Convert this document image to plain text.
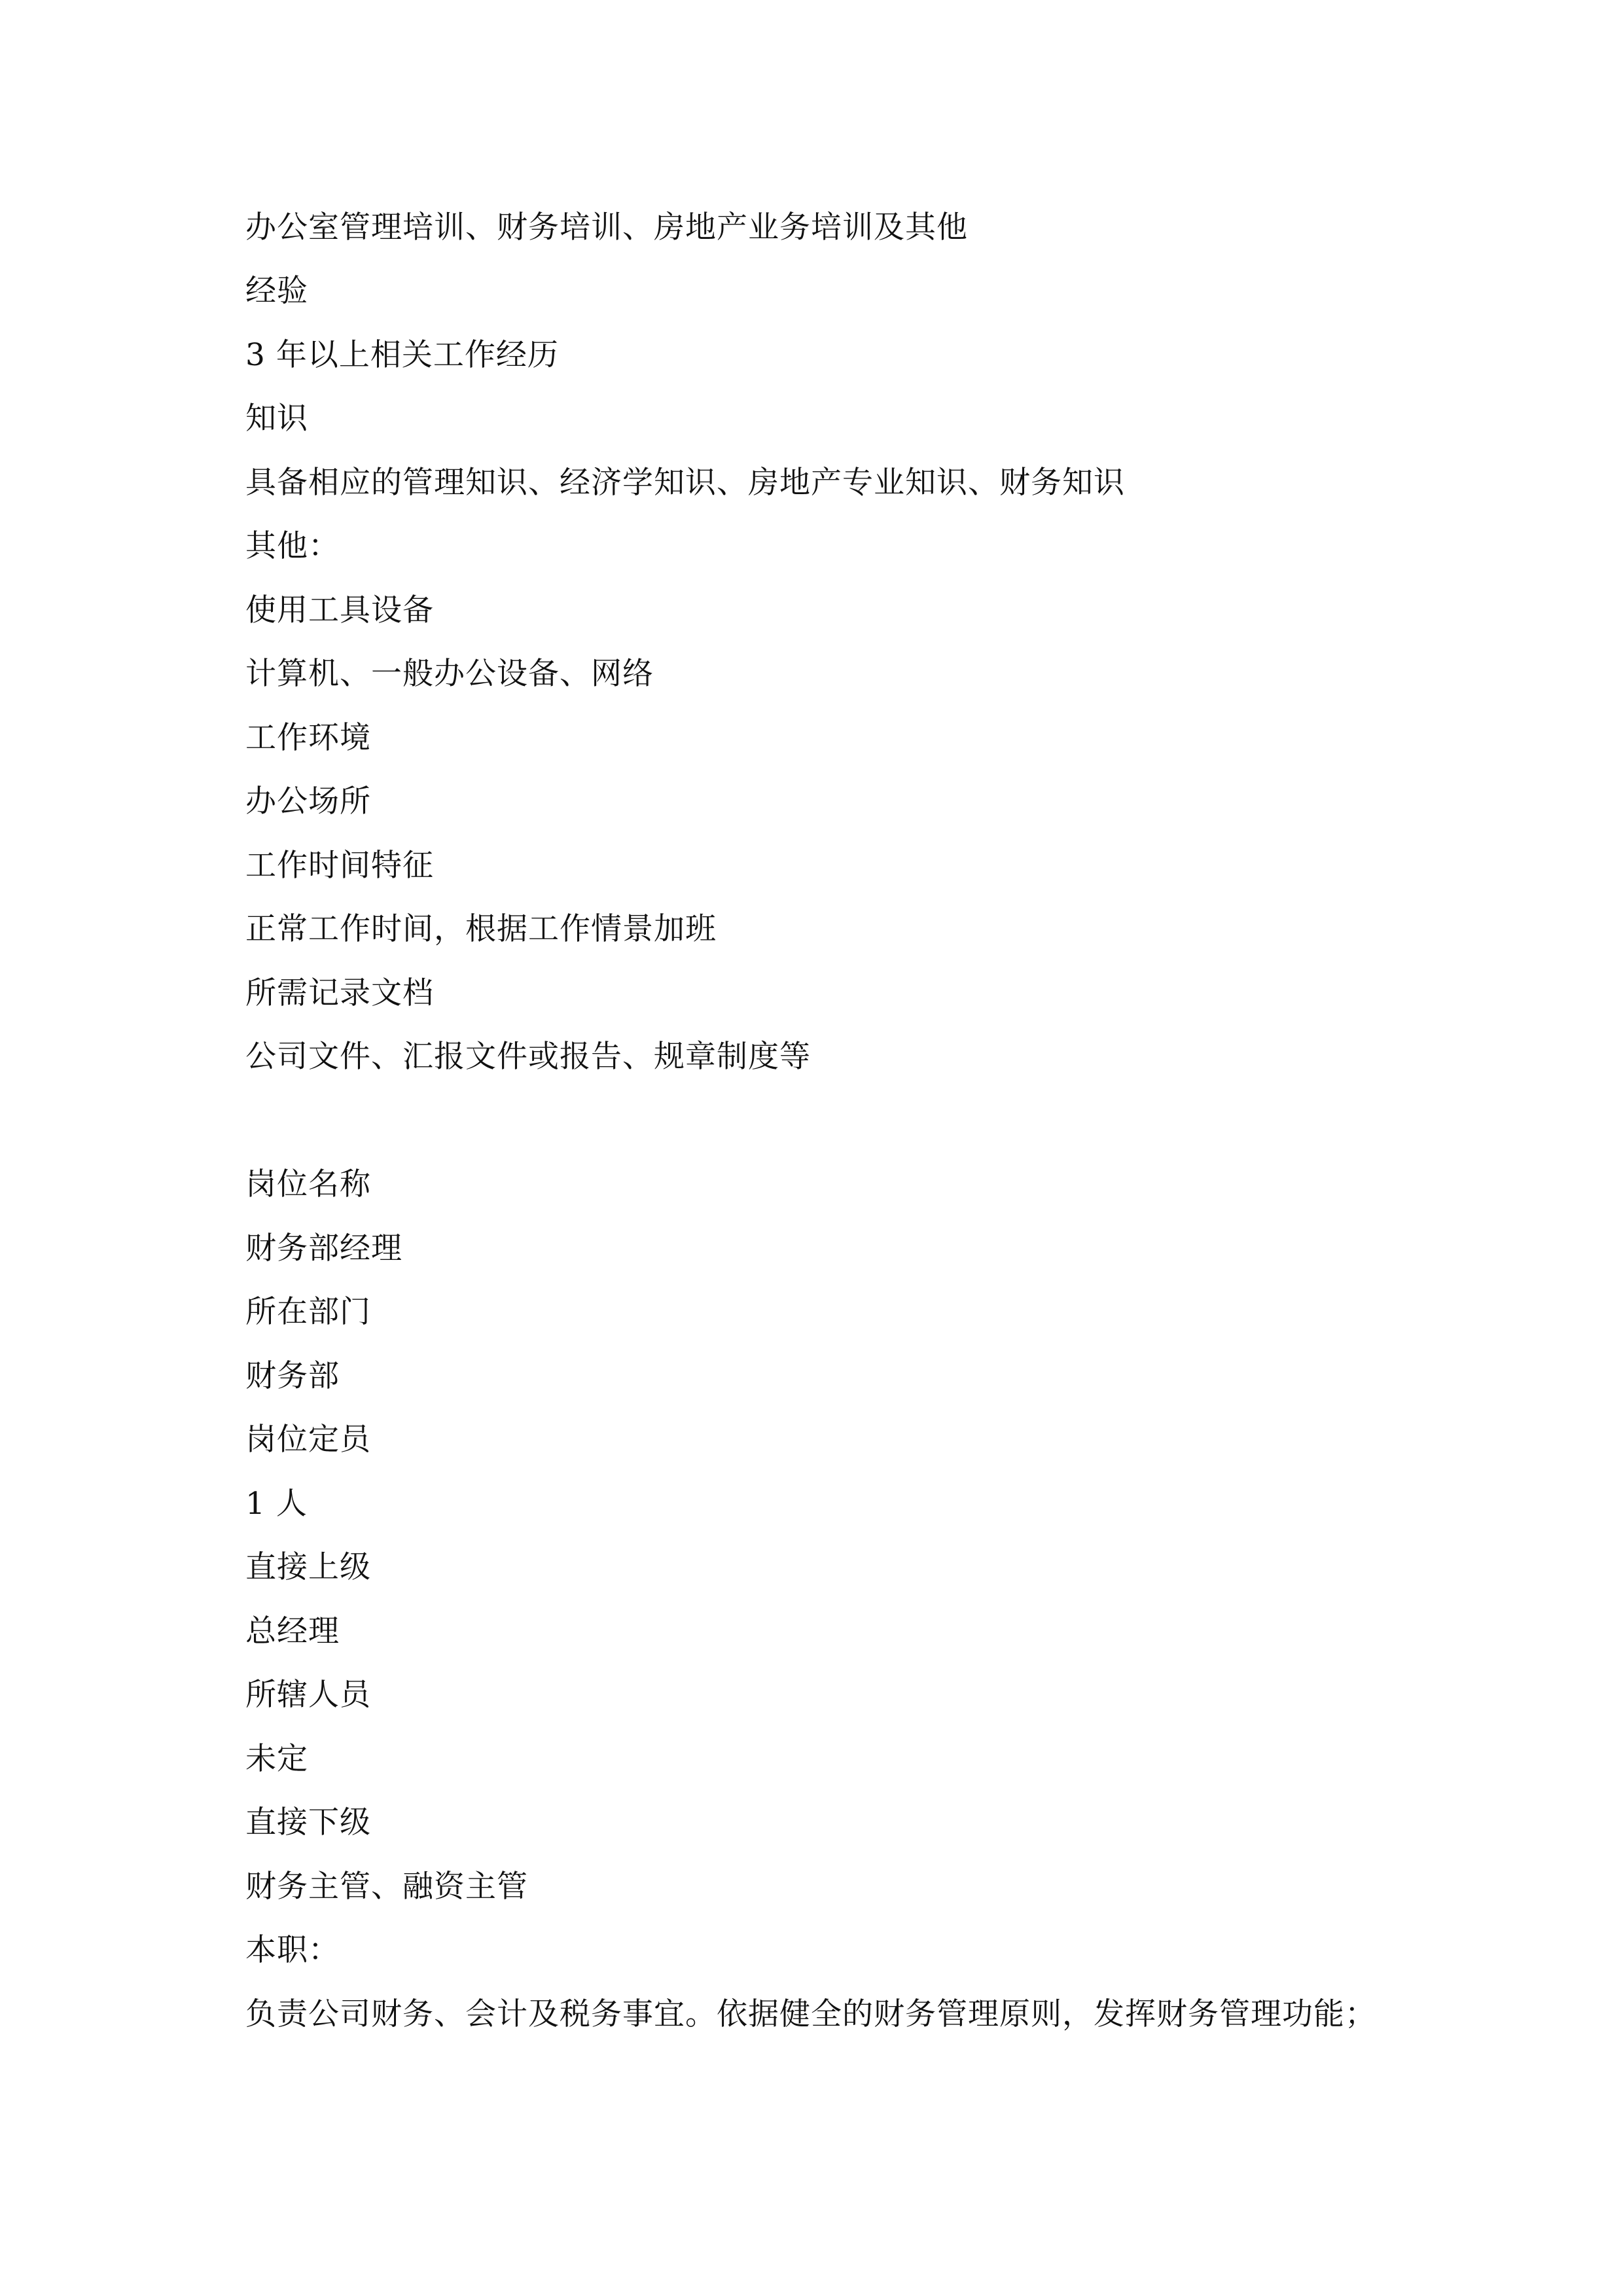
办公室管理培训、财务培训、房地产业务培训及其他
经验
3 年以上相关工作经历
知识
具备相应的管理知识、经济学知识、房地产专业知识、财务知识
其他：
使用工具设备
计算机、一般办公设备、网络
工作环境
办公场所
工作时间特征
正常工作时间，根据工作情景加班
所需记录文档
公司文件、汇报文件或报告、规章制度等
岗位名称
财务部经理
所在部门
财务部
岗位定员
1 人
直接上级
总经理
所辖人员
未定
直接下级
财务主管、融资主管
本职：
负责公司财务、会计及税务事宜。依据健全的财务管理原则，发挥财务管理功能；
